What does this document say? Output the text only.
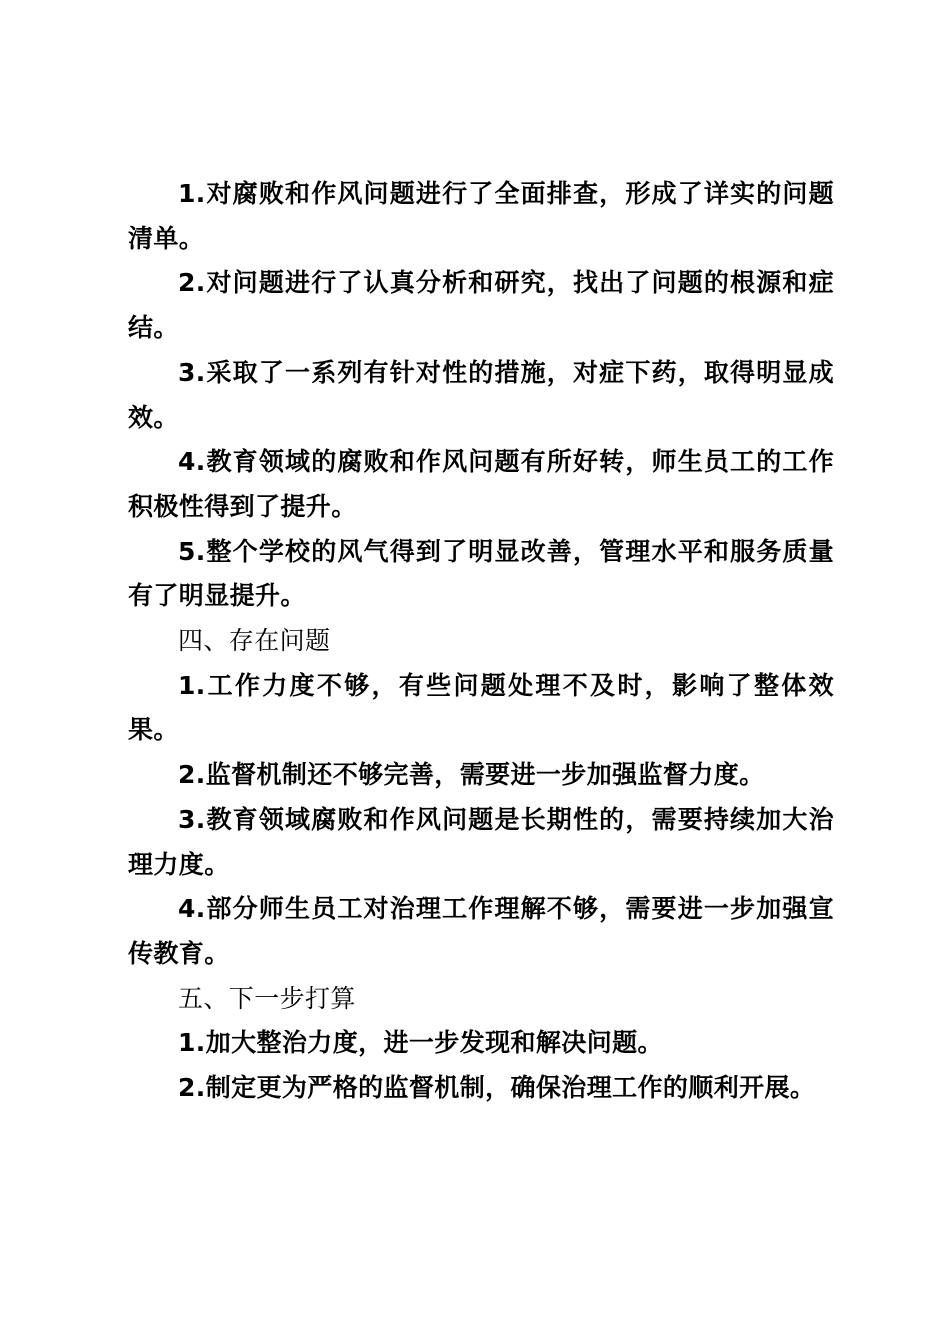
1.对腐败和作风问题进行了全面排查，形成了详实的问题清单。

2.对问题进行了认真分析和研究，找出了问题的根源和症结。

3.采取了一系列有针对性的措施，对症下药，取得明显成效。

4.教育领域的腐败和作风问题有所好转，师生员工的工作积极性得到了提升。

5.整个学校的风气得到了明显改善，管理水平和服务质量有了明显提升。

四、存在问题

1.工作力度不够，有些问题处理不及时，影响了整体效果。

2.监督机制还不够完善，需要进一步加强监督力度。

3.教育领域腐败和作风问题是长期性的，需要持续加大治理力度。

4.部分师生员工对治理工作理解不够，需要进一步加强宣传教育。

五、下一步打算

1.加大整治力度，进一步发现和解决问题。

2.制定更为严格的监督机制，确保治理工作的顺利开展。
